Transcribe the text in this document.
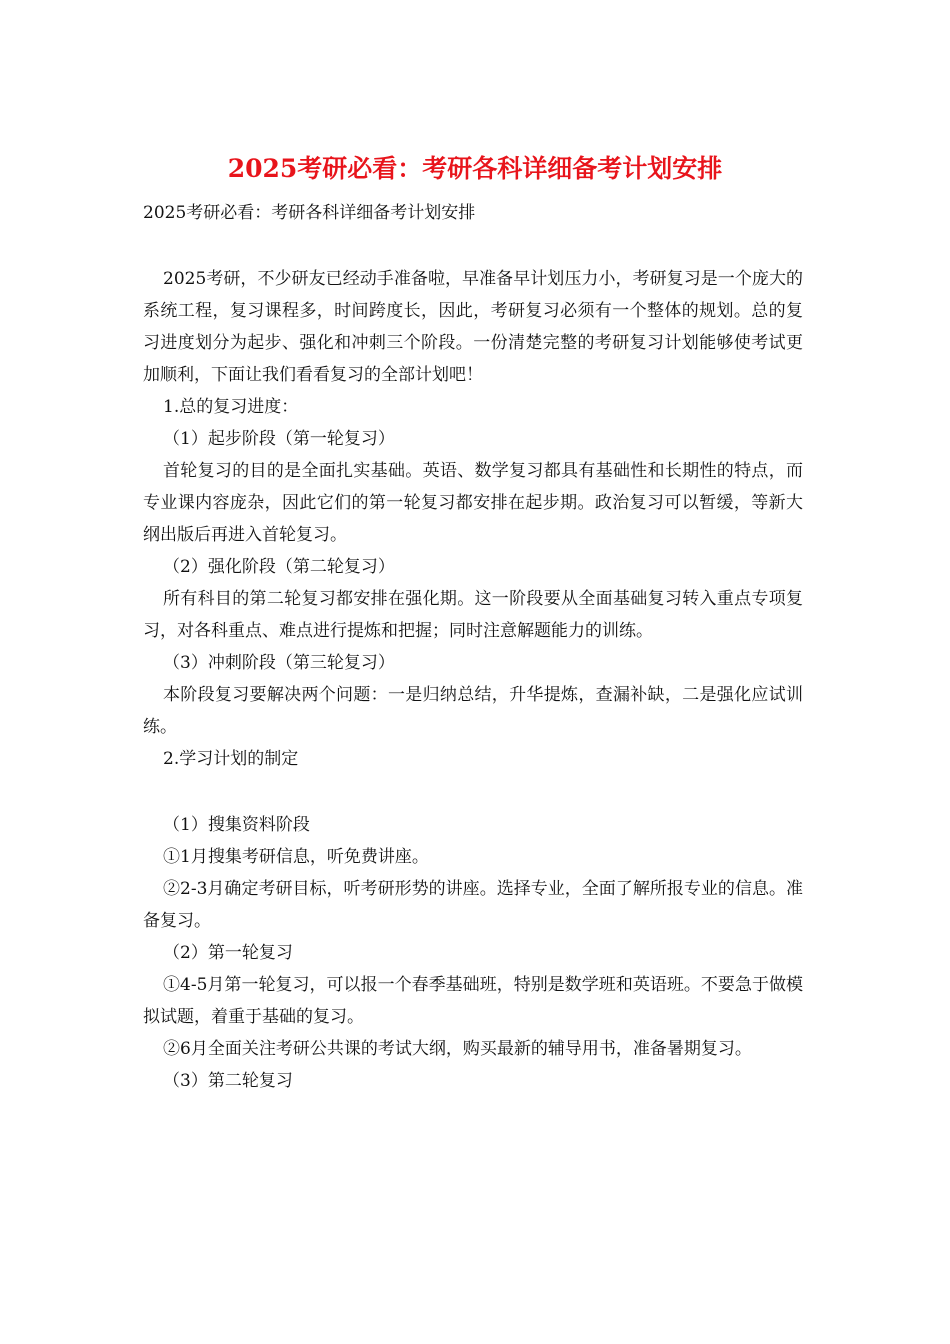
2025考研必看：考研各科详细备考计划安排

2025考研必看：考研各科详细备考计划安排

2025考研，不少研友已经动手准备啦，早准备早计划压力小，考研复习是一个庞大的系统工程，复习课程多，时间跨度长，因此，考研复习必须有一个整体的规划。总的复习进度划分为起步、强化和冲刺三个阶段。一份清楚完整的考研复习计划能够使考试更加顺利，下面让我们看看复习的全部计划吧！

1.总的复习进度：

（1）起步阶段（第一轮复习）

首轮复习的目的是全面扎实基础。英语、数学复习都具有基础性和长期性的特点，而专业课内容庞杂，因此它们的第一轮复习都安排在起步期。政治复习可以暂缓，等新大纲出版后再进入首轮复习。

（2）强化阶段（第二轮复习）

所有科目的第二轮复习都安排在强化期。这一阶段要从全面基础复习转入重点专项复习，对各科重点、难点进行提炼和把握；同时注意解题能力的训练。

（3）冲刺阶段（第三轮复习）

本阶段复习要解决两个问题：一是归纳总结，升华提炼，查漏补缺，二是强化应试训练。

2.学习计划的制定

（1）搜集资料阶段

①1月搜集考研信息，听免费讲座。

②2-3月确定考研目标，听考研形势的讲座。选择专业，全面了解所报专业的信息。准备复习。

（2）第一轮复习

①4-5月第一轮复习，可以报一个春季基础班，特别是数学班和英语班。不要急于做模拟试题，着重于基础的复习。

②6月全面关注考研公共课的考试大纲，购买最新的辅导用书，准备暑期复习。

（3）第二轮复习
